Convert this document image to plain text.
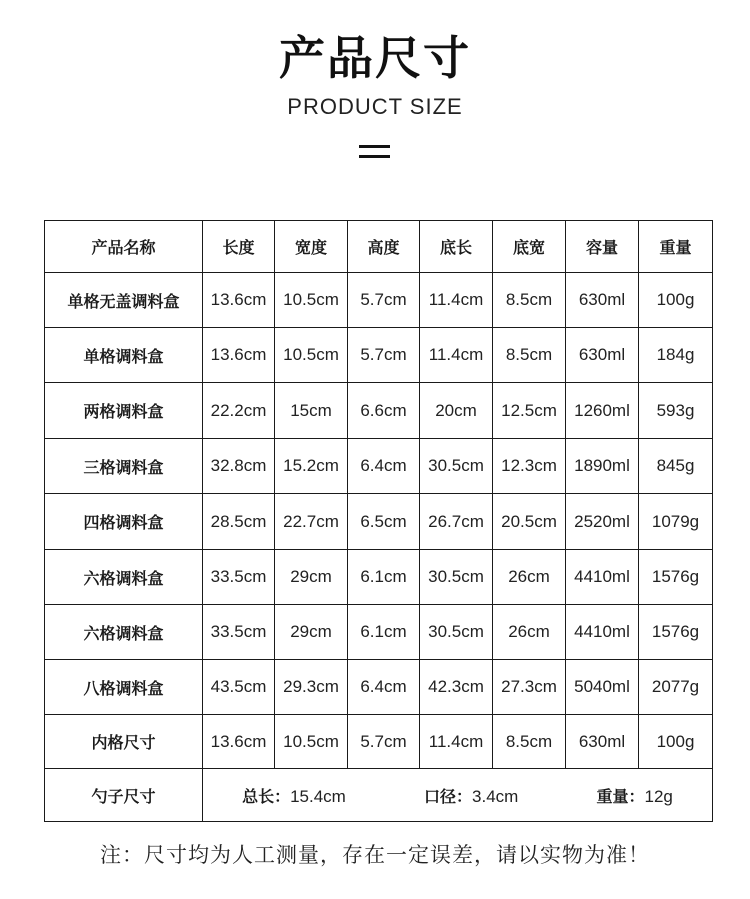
产品尺寸
PRODUCT SIZE
产品名称	长度	宽度	高度	底长	底宽	容量	重量
单格无盖调料盒	13.6cm	10.5cm	5.7cm	11.4cm	8.5cm	630ml	100g
单格调料盒	13.6cm	10.5cm	5.7cm	11.4cm	8.5cm	630ml	184g
两格调料盒	22.2cm	15cm	6.6cm	20cm	12.5cm	1260ml	593g
三格调料盒	32.8cm	15.2cm	6.4cm	30.5cm	12.3cm	1890ml	845g
四格调料盒	28.5cm	22.7cm	6.5cm	26.7cm	20.5cm	2520ml	1079g
六格调料盒	33.5cm	29cm	6.1cm	30.5cm	26cm	4410ml	1576g
六格调料盒	33.5cm	29cm	6.1cm	30.5cm	26cm	4410ml	1576g
八格调料盒	43.5cm	29.3cm	6.4cm	42.3cm	27.3cm	5040ml	2077g
内格尺寸	13.6cm	10.5cm	5.7cm	11.4cm	8.5cm	630ml	100g
勺子尺寸	总长：15.4cm 口径：3.4cm 重量：12g						
注：尺寸均为人工测量，存在一定误差，请以实物为准！
